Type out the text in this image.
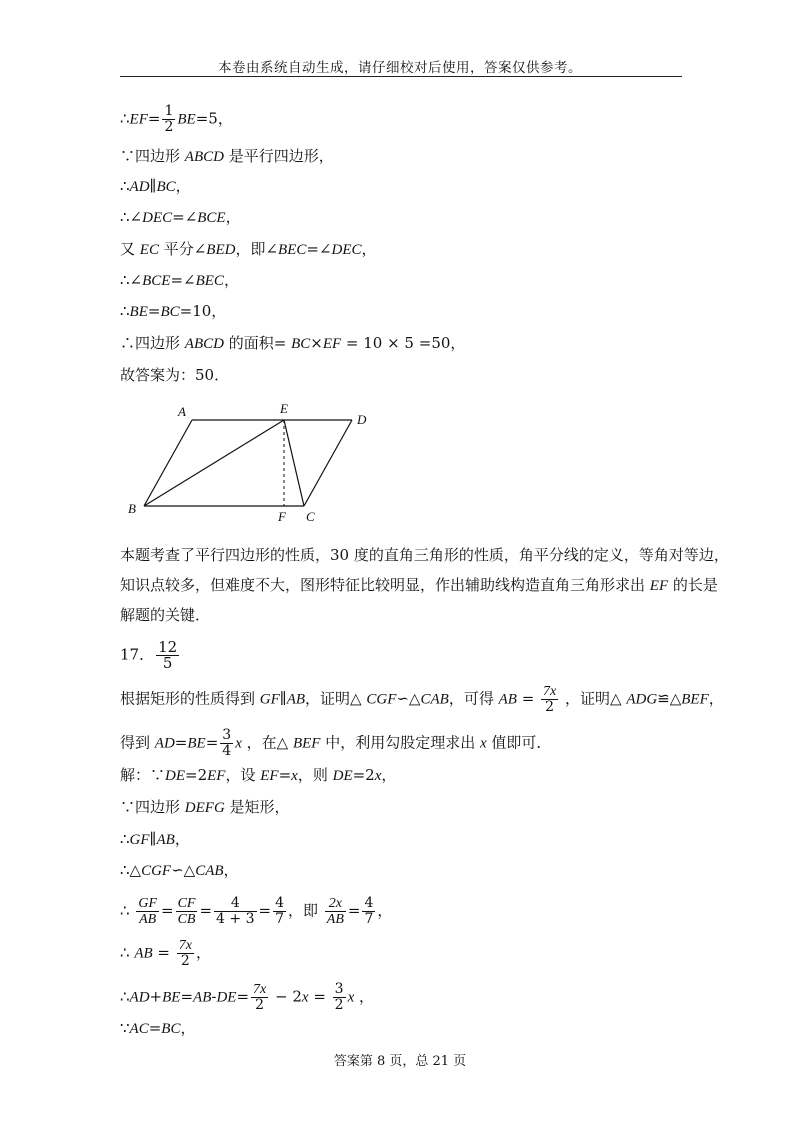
本卷由系统自动生成，请仔细校对后使用，答案仅供参考。
∴EF= $\frac{1}{2} BE=5$，
∵四边形 ABCD 是平行四边形，
∴AD∥BC，
∴∠DEC=∠BCE，
又 EC 平分∠BED，即∠BEC=∠DEC，
∴∠BCE=∠BEC，
∴BE=BC=10，
∴四边形 ABCD 的面积= BC×EF = 10 × 5 =50，
故答案为：50．
A	E
D
B
F C
本题考查了平行四边形的性质，30 度的直角三角形的性质，角平分线的定义，等角对等边，
知识点较多，但难度不大，图形特征比较明显，作出辅助线构造直角三角形求出 EF 的长是
解题的关键．
17． $\frac{12}{5}$
根据矩形的性质得到 GF∥AB，证明△ CGF∽△CAB，可得 AB = $\frac{7x}{2}$ ，证明△ ADG≌△BEF，
得到 $AD=BE= \frac{3}{4}$ x ，在△ BEF 中，利用勾股定理求出 x 值即可．
解：∵DE=2EF，设 EF=x，则 DE=2x，
∵四边形 DEFG 是矩形，
∴GF∥AB，
∴△CGF∽△CAB，
∴ $\frac{GF}{AB} = \frac{CF}{CB} = \frac{4}{4 + 3} = \frac{4}{7}$ ，即 $\frac{2x}{AB} = \frac{4}{7}$ ，
∴ AB = $\frac{7x}{2}$ ，
∴AD+BE=AB-DE= $\frac{7x}{2} - 2x = \frac{3}{2}$ x ，
∵AC=BC，
答案第 8 页，总 21 页
